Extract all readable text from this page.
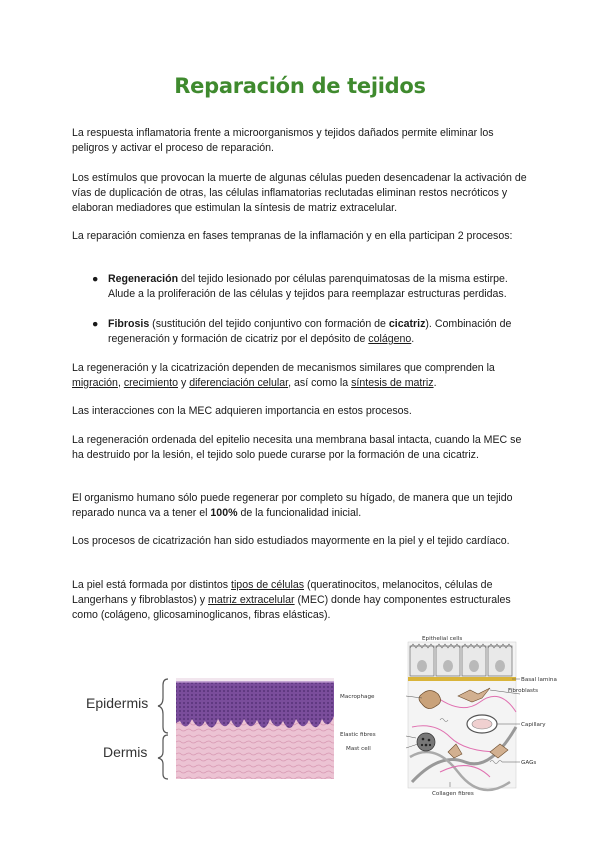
Reparación de tejidos

La respuesta inflamatoria frente a microorganismos y tejidos dañados permite eliminar los peligros y activar el proceso de reparación.

Los estímulos que provocan la muerte de algunas células pueden desencadenar la activación de vías de duplicación de otras, las células inflamatorias reclutadas eliminan restos necróticos y elaboran mediadores que estimulan la síntesis de matriz extracelular.

La reparación comienza en fases tempranas de la inflamación y en ella participan 2 procesos:

● Regeneración del tejido lesionado por células parenquimatosas de la misma estirpe. Alude a la proliferación de las células y tejidos para reemplazar estructuras perdidas.
● Fibrosis (sustitución del tejido conjuntivo con formación de cicatriz). Combinación de regeneración y formación de cicatriz por el depósito de colágeno.

La regeneración y la cicatrización dependen de mecanismos similares que comprenden la migración, crecimiento y diferenciación celular, así como la síntesis de matriz.

Las interacciones con la MEC adquieren importancia en estos procesos.

La regeneración ordenada del epitelio necesita una membrana basal intacta, cuando la MEC se ha destruido por la lesión, el tejido solo puede curarse por la formación de una cicatriz.

El organismo humano sólo puede regenerar por completo su hígado, de manera que un tejido reparado nunca va a tener el 100% de la funcionalidad inicial.

Los procesos de cicatrización han sido estudiados mayormente en la piel y el tejido cardíaco.

La piel está formada por distintos tipos de células (queratinocitos, melanocitos, células de Langerhans y fibroblastos) y matriz extracelular (MEC) donde hay componentes estructurales como (colágeno, glicosaminoglicanos, fibras elásticas).

Epidermis
Dermis
Epithelial cells
Basal lamina
Macrophage
Fibroblasts
Capillary
Elastic fibres
Mast cell
GAGs
Collagen fibres
